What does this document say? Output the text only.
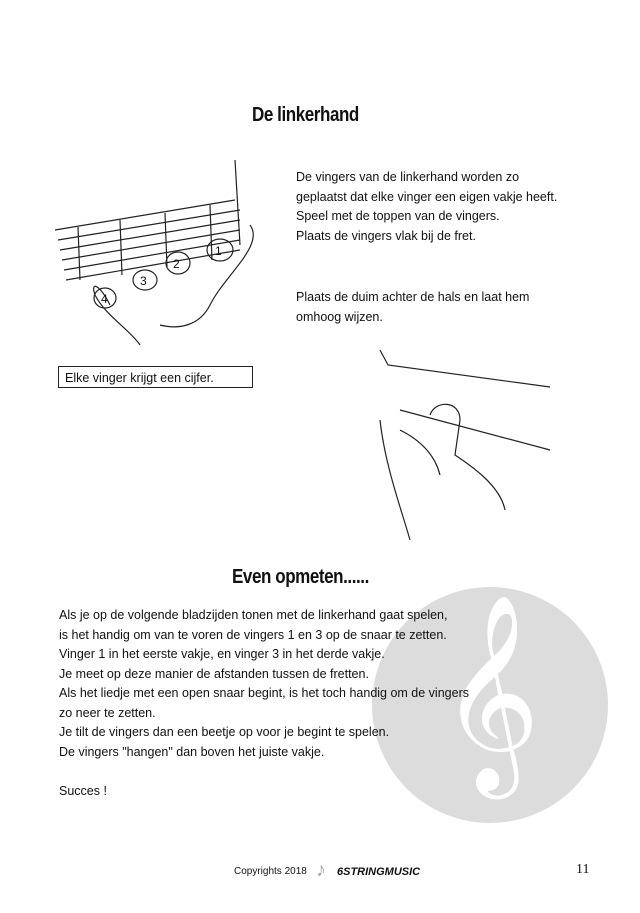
De linkerhand
1
2
3
4
De vingers van de linkerhand worden zo
geplaatst dat elke vinger een eigen vakje heeft.
Speel met de toppen van de vingers.
Plaats de vingers vlak bij de fret.
Plaats de duim achter de hals en laat hem
omhoog wijzen.
Elke vinger krijgt een cijfer.
Even opmeten......
𝄞
Als je op de volgende bladzijden tonen met de linkerhand gaat spelen,
is het handig om van te voren de vingers 1 en 3 op de snaar te zetten.
Vinger 1 in het eerste vakje, en vinger 3 in het derde vakje.
Je meet op deze manier de afstanden tussen de fretten.
Als het liedje met een open snaar begint, is het toch handig om de vingers
zo neer te zetten.
Je tilt de vingers dan een beetje op voor je begint te spelen.
De vingers "hangen" dan boven het juiste vakje.
Succes !
Copyrights 2018 ♪ 6STRINGMUSIC	11
